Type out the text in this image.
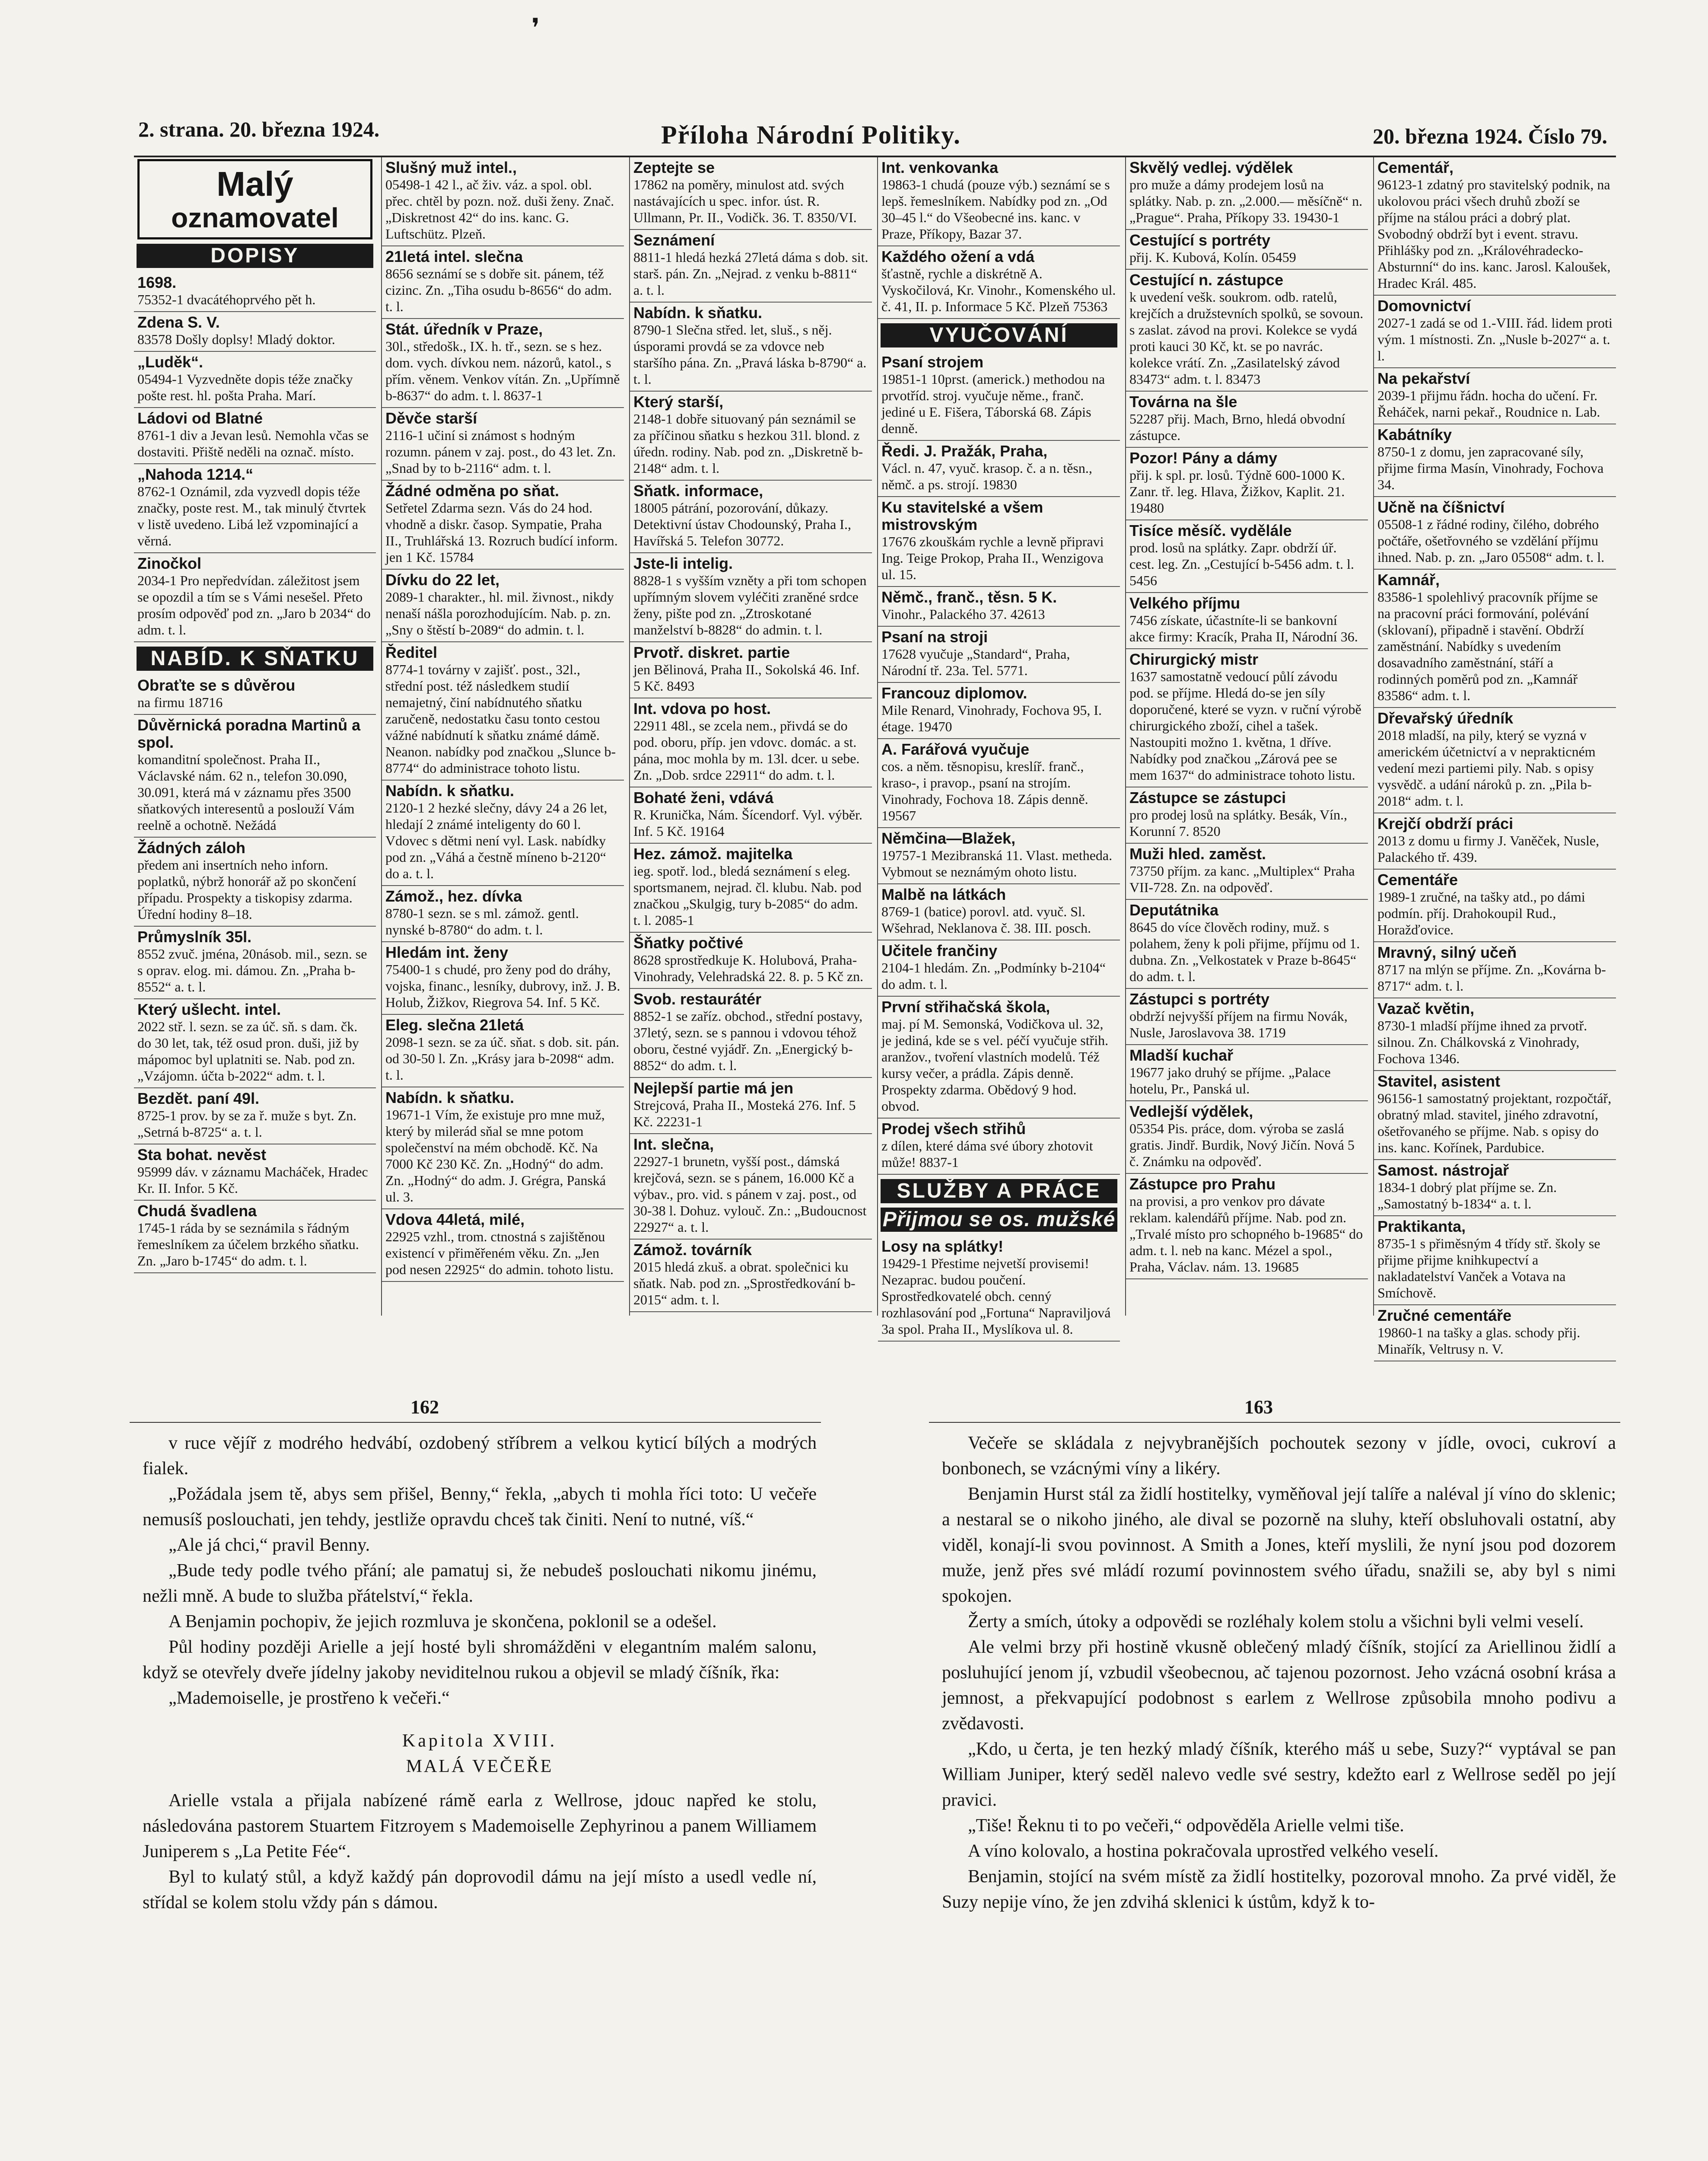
❜
2. strana. 20. března 1924.	Příloha Národní Politiky.	20. března 1924. Číslo 79.
Malý
oznamovatel
DOPISY
1698.
75352-1 dvacátéhoprvého pět h.
Zdena S. V.
83578 Došly doplsy! Mladý doktor.
„Luděk“.
05494-1 Vyzvedněte dopis téže značky pošte rest. hl. pošta Praha. Marí.
Ládovi od Blatné
8761-1 div a Jevan lesů. Nemohla včas se dostaviti. Přiště neděli na označ. místo.
„Nahoda 1214.“
8762-1 Oznámil, zda vyzvedl dopis téže značky, poste rest. M., tak minulý čtvrtek v listě uvedeno. Libá lež vzpominající a věrná.
Zinočkol
2034-1 Pro nepředvídan. záležitost jsem se opozdil a tím se s Vámi nesešel. Přeto prosím odpověď pod zn. „Jaro b 2034“ do adm. t. l.
NABÍD. K SŇATKU
Obraťte se s důvěrou
na firmu 18716
Důvěrnická poradna Martinů a spol.
komanditní společnost. Praha II., Václavské nám. 62 n., telefon 30.090, 30.091, která má v záznamu přes 3500 sňatkových interesentů a poslouží Vám reelně a ochotně. Nežádá
Žádných záloh
předem ani insertních neho inforn. poplatků, nýbrž honorář až po skončení případu. Prospekty a tiskopisy zdarma. Úřední hodiny 8–18.
Průmyslník 35l.
8552 zvuč. jména, 20násob. mil., sezn. se s oprav. elog. mi. dámou. Zn. „Praha b-8552“ a. t. l.
Který ušlecht. intel.
2022 stř. l. sezn. se za úč. sň. s dam. čk. do 30 let, tak, též osud pron. duši, již by mápomoc byl uplatniti se. Nab. pod zn. „Vzájomn. účta b-2022“ adm. t. l.
Bezdět. paní 49l.
8725-1 prov. by se za ř. muže s byt. Zn. „Setrná b-8725“ a. t. l.
Sta bohat. nevěst
95999 dáv. v záznamu Macháček, Hradec Kr. II. Infor. 5 Kč.
Chudá švadlena
1745-1 ráda by se seznámila s řádným řemeslníkem za účelem brzkého sňatku. Zn. „Jaro b-1745“ do adm. t. l.
Slušný muž intel.,
05498-1 42 l., ač živ. váz. a spol. obl. přec. chtěl by pozn. nož. duši ženy. Znač. „Diskretnost 42“ do ins. kanc. G. Luftschütz. Plzeň.
21letá intel. slečna
8656 seznámí se s dobře sit. pánem, též cizinc. Zn. „Tiha osudu b-8656“ do adm. t. l.
Stát. úředník v Praze,
30l., středošk., IX. h. tř., sezn. se s hez. dom. vych. dívkou nem. názorů, katol., s přím. věnem. Venkov vítán. Zn. „Upřímně b-8637“ do adm. t. l. 8637-1
Děvče starší
2116-1 učiní si známost s hodným rozumn. pánem v zaj. post., do 43 let. Zn. „Snad by to b-2116“ adm. t. l.
Žádné odměna po sňat.
Setřetel Zdarma sezn. Vás do 24 hod. vhodně a diskr. časop. Sympatie, Praha II., Truhlářská 13. Rozruch budící inform. jen 1 Kč. 15784
Dívku do 22 let,
2089-1 charakter., hl. mil. živnost., nikdy nenaší nášla porozhodujícím. Nab. p. zn. „Sny o štěstí b-2089“ do admin. t. l.
Ředitel
8774-1 továrny v zajišť. post., 32l., střední post. též následkem studií nemajetný, činí nabídnutého sňatku zaručeně, nedostatku času tonto cestou vážné nabídnutí k sňatku známé dámě. Neanon. nabídky pod značkou „Slunce b-8774“ do administrace tohoto listu.
Nabídn. k sňatku.
2120-1 2 hezké slečny, dávy 24 a 26 let, hledají 2 známé inteligenty do 60 l. Vdovec s dětmi není vyl. Lask. nabídky pod zn. „Váhá a čestně míneno b-2120“ do a. t. l.
Zámož., hez. dívka
8780-1 sezn. se s ml. zámož. gentl. nynské b-8780“ do adm. t. l.
Hledám int. ženy
75400-1 s chudé, pro ženy pod do dráhy, vojska, financ., lesníky, dubrovy, inž. J. B. Holub, Žižkov, Riegrova 54. Inf. 5 Kč.
Eleg. slečna 21letá
2098-1 sezn. se za úč. sňat. s dob. sit. pán. od 30-50 l. Zn. „Krásy jara b-2098“ adm. t. l.
Nabídn. k sňatku.
19671-1 Vím, že existuje pro mne muž, který by milerád sňal se mne potom společenství na mém obchodě. Kč. Na 7000 Kč 230 Kč. Zn. „Hodný“ do adm. Zn. „Hodný“ do adm. J. Grégra, Panská ul. 3.
Vdova 44letá, milé,
22925 vzhl., trom. ctnostná s zajištěnou existencí v přiměřeném věku. Zn. „Jen pod nesen 22925“ do admin. tohoto listu.
Zeptejte se
17862 na poměry, minulost atd. svých nastávajících u spec. infor. úst. R. Ullmann, Pr. II., Vodičk. 36. T. 8350/VI.
Seznámení
8811-1 hledá hezká 27letá dáma s dob. sit. starš. pán. Zn. „Nejrad. z venku b-8811“ a. t. l.
Nabídn. k sňatku.
8790-1 Slečna střed. let, sluš., s něj. úsporami provdá se za vdovce neb staršího pána. Zn. „Pravá láska b-8790“ a. t. l.
Který starší,
2148-1 dobře situovaný pán seznámil se za příčinou sňatku s hezkou 31l. blond. z úředn. rodiny. Nab. pod zn. „Diskretně b-2148“ adm. t. l.
Sňatk. informace,
18005 pátrání, pozorování, důkazy. Detektivní ústav Chodounský, Praha I., Havířská 5. Telefon 30772.
Jste-li intelig.
8828-1 s vyšším vzněty a při tom schopen upřímným slovem vyléčiti zraněné srdce ženy, pište pod zn. „Ztroskotané manželství b-8828“ do admin. t. l.
Prvotř. diskret. partie
jen Bělinová, Praha II., Sokolská 46. Inf. 5 Kč. 8493
Int. vdova po host.
22911 48l., se zcela nem., přivdá se do pod. oboru, příp. jen vdovc. domác. a st. pána, moc mohla by m. 13l. dcer. u sebe. Zn. „Dob. srdce 22911“ do adm. t. l.
Bohaté ženi, vdává
R. Krunička, Nám. Šícendorf. Vyl. výběr. Inf. 5 Kč. 19164
Hez. zámož. majitelka
ieg. spotř. lod., bledá seznámení s eleg. sportsmanem, nejrad. čl. klubu. Nab. pod značkou „Skulgig, tury b-2085“ do adm. t. l. 2085-1
Šňatky počtivé
8628 sprostředkuje K. Holubová, Praha-Vinohrady, Velehradská 22. 8. p. 5 Kč zn.
Svob. restaurátér
8852-1 se zaříz. obchod., střední postavy, 37letý, sezn. se s pannou i vdovou téhož oboru, čestné vyjádř. Zn. „Energický b-8852“ do adm. t. l.
Nejlepší partie má jen
Strejcová, Praha II., Mosteká 276. Inf. 5 Kč. 22231-1
Int. slečna,
22927-1 brunetn, vyšší post., dámská krejčová, sezn. se s pánem, 16.000 Kč a výbav., pro. vid. s pánem v zaj. post., od 30-38 l. Dohuz. vylouč. Zn.: „Budoucnost 22927“ a. t. l.
Zámož. továrník
2015 hledá zkuš. a obrat. společnici ku sňatk. Nab. pod zn. „Sprostředkování b-2015“ adm. t. l.
Int. venkovanka
19863-1 chudá (pouze výb.) seznámí se s lepš. řemeslníkem. Nabídky pod zn. „Od 30–45 l.“ do Všeobecné ins. kanc. v Praze, Příkopy, Bazar 37.
Každého ožení a vdá
šťastně, rychle a diskrétně A. Vyskočilová, Kr. Vinohr., Komenského ul. č. 41, II. p. Informace 5 Kč. Plzeň 75363
VYUČOVÁNÍ
Psaní strojem
19851-1 10prst. (americk.) methodou na prvotříd. stroj. vyučuje něme., franč. jediné u E. Fišera, Táborská 68. Zápis denně.
Ředi. J. Pražák, Praha,
Václ. n. 47, vyuč. krasop. č. a n. těsn., němč. a ps. strojí. 19830
Ku stavitelské a všem mistrovským
17676 zkouškám rychle a levně připravi Ing. Teige Prokop, Praha II., Wenzigova ul. 15.
Němč., franč., těsn. 5 K.
Vinohr., Palackého 37. 42613
Psaní na stroji
17628 vyučuje „Standard“, Praha, Národní tř. 23a. Tel. 5771.
Francouz diplomov.
Mile Renard, Vinohrady, Fochova 95, I. étage. 19470
A. Farářová vyučuje
cos. a něm. těsnopisu, kreslíř. franč., kraso-, i pravop., psaní na strojím. Vinohrady, Fochova 18. Zápis denně. 19567
Němčina—Blažek,
19757-1 Mezibranská 11. Vlast. metheda. Vybmout se neznámým ohoto listu.
Malbě na látkách
8769-1 (batice) porovl. atd. vyuč. Sl. Wšehrad, Neklanova č. 38. III. posch.
Učitele frančiny
2104-1 hledám. Zn. „Podmínky b-2104“ do adm. t. l.
První střihačská škola,
maj. pí M. Semonská, Vodičkova ul. 32, je jediná, kde se s vel. péčí vyučuje střih. aranžov., tvoření vlastních modelů. Též kursy večer, a prádla. Zápis denně. Prospekty zdarma. Obědový 9 hod. obvod.
Prodej všech střihů
z dílen, které dáma své úbory zhotovit může! 8837-1
SLUŽBY A PRÁCE
Přijmou se os. mužské
Losy na splátky!
19429-1 Přestime nejvetší provisemi! Nezaprac. budou poučení. Sprostředkovatelé obch. cenný rozhlasování pod „Fortuna“ Napraviljová 3a spol. Praha II., Myslíkova ul. 8.
Skvělý vedlej. výdělek
pro muže a dámy prodejem losů na splátky. Nab. p. zn. „2.000.— měsíčně“ n. „Prague“. Praha, Příkopy 33. 19430-1
Cestující s portréty
přij. K. Kubová, Kolín. 05459
Cestující n. zástupce
k uvedení vešk. soukrom. odb. ratelů, krejčích a družstevních spolků, se sovoun. s zaslat. závod na provi. Kolekce se vydá proti kauci 30 Kč, kt. se po navrác. kolekce vrátí. Zn. „Zasilatelský závod 83473“ adm. t. l. 83473
Továrna na šle
52287 přij. Mach, Brno, hledá obvodní zástupce.
Pozor! Pány a dámy
přij. k spl. pr. losů. Týdně 600-1000 K. Zanr. tř. leg. Hlava, Žižkov, Kaplit. 21. 19480
Tisíce měsíč. vydělále
prod. losů na splátky. Zapr. obdrží úř. cest. leg. Zn. „Cestující b-5456 adm. t. l. 5456
Velkého příjmu
7456 získate, účastníte-li se bankovní akce firmy: Kracík, Praha II, Národní 36.
Chirurgický mistr
1637 samostatně vedoucí půlí závodu pod. se příjme. Hledá do-se jen síly doporučené, které se vyzn. v ruční výrobě chirurgického zboží, cihel a tašek. Nastoupiti možno 1. května, 1 dříve. Nabídky pod značkou „Zárová pee se mem 1637“ do administrace tohoto listu.
Zástupce se zástupci
pro prodej losů na splátky. Besák, Vín., Korunní 7. 8520
Muži hled. zaměst.
73750 příjm. za kanc. „Multiplex“ Praha VII-728. Zn. na odpověď.
Deputátnika
8645 do více člověch rodiny, muž. s polahem, ženy k poli přijme, příjmu od 1. dubna. Zn. „Velkostatek v Praze b-8645“ do adm. t. l.
Zástupci s portréty
obdrží nejvyšší příjem na firmu Novák, Nusle, Jaroslavova 38. 1719
Mladší kuchař
19677 jako druhý se příjme. „Palace hotelu, Pr., Panská ul.
Vedlejší výdělek,
05354 Pis. práce, dom. výroba se zaslá gratis. Jindř. Burdik, Nový Jičín. Nová 5 č. Známku na odpověď.
Zástupce pro Prahu
na provisi, a pro venkov pro dávate reklam. kalendářů příjme. Nab. pod zn. „Trvalé místo pro schopného b-19685“ do adm. t. l. neb na kanc. Mézel a spol., Praha, Václav. nám. 13. 19685
Cementář,
96123-1 zdatný pro stavitelský podnik, na ukolovou práci všech druhů zboží se příjme na stálou práci a dobrý plat. Svobodný obdrží byt i event. stravu. Přihlášky pod zn. „Královéhradecko-Absturnní“ do ins. kanc. Jarosl. Kaloušek, Hradec Král. 485.
Domovnictví
2027-1 zadá se od 1.-VIII. řád. lidem proti vým. 1 místnosti. Zn. „Nusle b-2027“ a. t. l.
Na pekařství
2039-1 přijmu řádn. hocha do učení. Fr. Řeháček, narni pekař., Roudnice n. Lab.
Kabátníky
8750-1 z domu, jen zapracované síly, přijme firma Masín, Vinohrady, Fochova 34.
Učně na číšnictví
05508-1 z řádné rodiny, čilého, dobrého počtáře, ošetřovného se vzdělání příjmu ihned. Nab. p. zn. „Jaro 05508“ adm. t. l.
Kamnář,
83586-1 spolehlivý pracovník příjme se na pracovní práci formování, polévání (sklovaní), připadně i stavění. Obdrží zaměstnání. Nabídky s uvedením dosavadního zaměstnání, stáří a rodinných poměrů pod zn. „Kamnář 83586“ adm. t. l.
Dřevařský úředník
2018 mladší, na pily, který se vyzná v americkém účetnictví a v neprakticném vedení mezi partiemi pily. Nab. s opisy vysvědč. a udání nároků p. zn. „Pila b-2018“ adm. t. l.
Krejčí obdrží práci
2013 z domu u firmy J. Vaněček, Nusle, Palackého tř. 439.
Cementáře
1989-1 zručné, na tašky atd., po dámi podmín. příj. Drahokoupil Rud., Horažďovice.
Mravný, silný učeň
8717 na mlýn se příjme. Zn. „Kovárna b-8717“ adm. t. l.
Vazač květin,
8730-1 mladší příjme ihned za prvotř. silnou. Zn. Chálkovská z Vinohrady, Fochova 1346.
Stavitel, asistent
96156-1 samostatný projektant, rozpočtář, obratný mlad. stavitel, jiného zdravotní, ošetřovaného se příjme. Nab. s opisy do ins. kanc. Kořínek, Pardubice.
Samost. nástrojař
1834-1 dobrý plat příjme se. Zn. „Samostatný b-1834“ a. t. l.
Praktikanta,
8735-1 s přiměsným 4 třídy stř. školy se přijme přijme knihkupectví a nakladatelství Vanček a Votava na Smíchově.
Zručné cementáře
19860-1 na tašky a glas. schody přij. Minařík, Veltrusy n. V.
162	163

v ruce vějíř z modrého hedvábí, ozdobený stříbrem a velkou kyticí bílých a modrých fialek.

„Požádala jsem tě, abys sem přišel, Benny,“ řekla, „abych ti mohla říci toto: U večeře nemusíš poslouchati, jen tehdy, jestliže opravdu chceš tak činiti. Není to nutné, víš.“

„Ale já chci,“ pravil Benny.

„Bude tedy podle tvého přání; ale pamatuj si, že nebudeš poslouchati nikomu jinému, nežli mně. A bude to služba přátelství,“ řekla.

A Benjamin pochopiv, že jejich rozmluva je skončena, poklonil se a odešel.

Půl hodiny později Arielle a její hosté byli shromážděni v elegantním malém salonu, když se otevřely dveře jídelny jakoby neviditelnou rukou a objevil se mladý číšník, řka:

„Mademoiselle, je prostřeno k večeři.“

Kapitola XVIII.

MALÁ VEČEŘE

Arielle vstala a přijala nabízené rámě earla z Wellrose, jdouc napřed ke stolu, následována pastorem Stuartem Fitzroyem s Mademoiselle Zephyrinou a panem Williamem Juniperem s „La Petite Fée“.

Byl to kulatý stůl, a když každý pán doprovodil dámu na její místo a usedl vedle ní, střídal se kolem stolu vždy pán s dámou.

Večeře se skládala z nejvybranějších pochoutek sezony v jídle, ovoci, cukroví a bonbonech, se vzácnými víny a likéry.

Benjamin Hurst stál za židlí hostitelky, vyměňoval její talíře a naléval jí víno do sklenic; a nestaral se o nikoho jiného, ale dival se pozorně na sluhy, kteří obsluhovali ostatní, aby viděl, konají-li svou povinnost. A Smith a Jones, kteří myslili, že nyní jsou pod dozorem muže, jenž přes své mládí rozumí povinnostem svého úřadu, snažili se, aby byl s nimi spokojen.

Žerty a smích, útoky a odpovědi se rozléhaly kolem stolu a všichni byli velmi veselí.

Ale velmi brzy při hostině vkusně oblečený mladý číšník, stojící za Ariellinou židlí a posluhující jenom jí, vzbudil všeobecnou, ač tajenou pozornost. Jeho vzácná osobní krása a jemnost, a překvapující podobnost s earlem z Wellrose způsobila mnoho podivu a zvědavosti.

„Kdo, u čerta, je ten hezký mladý číšník, kterého máš u sebe, Suzy?“ vyptával se pan William Juniper, který seděl nalevo vedle své sestry, kdežto earl z Wellrose seděl po její pravici.

„Tiše! Řeknu ti to po večeři,“ odpověděla Arielle velmi tiše.

A víno kolovalo, a hostina pokračovala uprostřed velkého veselí.

Benjamin, stojící na svém místě za židlí hostitelky, pozoroval mnoho. Za prvé viděl, že Suzy nepije víno, že jen zdvihá sklenici k ústům, když k to-
